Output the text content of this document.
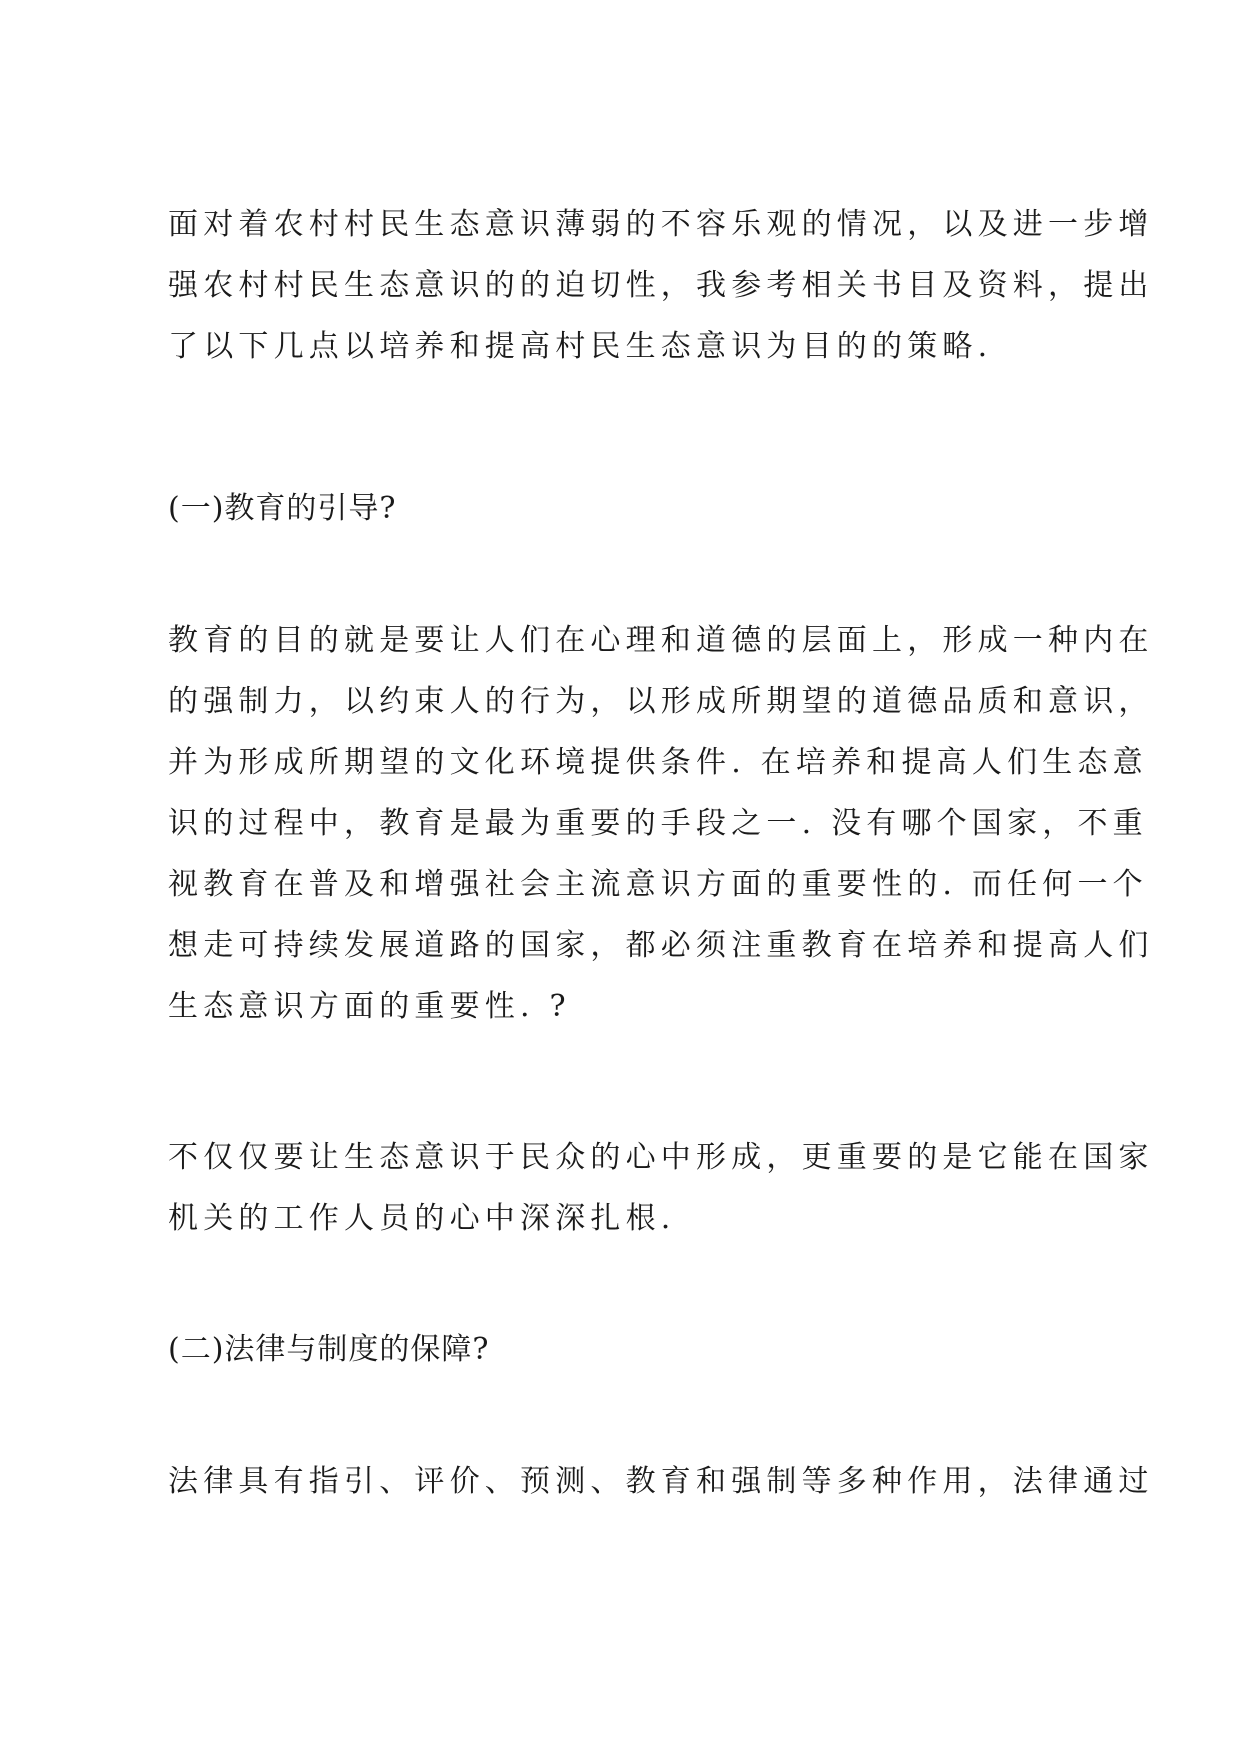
面对着农村村民生态意识薄弱的不容乐观的情况，以及进一步增
强农村村民生态意识的的迫切性，我参考相关书目及资料，提出
了以下几点以培养和提高村民生态意识为目的的策略.

(一)教育的引导?

教育的目的就是要让人们在心理和道德的层面上，形成一种内在
的强制力，以约束人的行为，以形成所期望的道德品质和意识，
并为形成所期望的文化环境提供条件. 在培养和提高人们生态意
识的过程中，教育是最为重要的手段之一. 没有哪个国家，不重
视教育在普及和增强社会主流意识方面的重要性的. 而任何一个
想走可持续发展道路的国家，都必须注重教育在培养和提高人们
生态意识方面的重要性. ?

不仅仅要让生态意识于民众的心中形成，更重要的是它能在国家
机关的工作人员的心中深深扎根.

(二)法律与制度的保障?

法律具有指引、评价、预测、教育和强制等多种作用，法律通过
